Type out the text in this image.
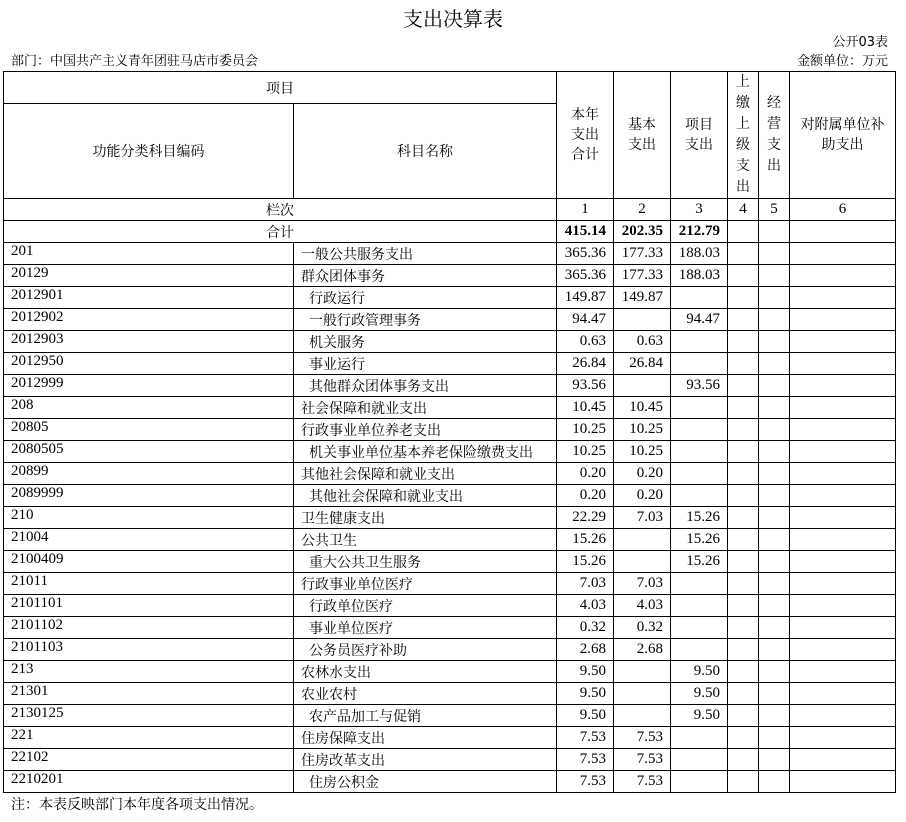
支出决算表
公开03表
部门：中国共产主义青年团驻马店市委员会	金额单位：万元
项目		本年支出合计	基本支出	项目支出	上缴上级支出	经营支出	对附属单位补助支出
功能分类科目编码	科目名称						
栏次		1	2	3	4	5	6
合计		415.14	202.35	212.79			
201	一般公共服务支出	365.36	177.33	188.03			
20129	群众团体事务	365.36	177.33	188.03			
2012901	行政运行	149.87	149.87				
2012902	一般行政管理事务	94.47		94.47			
2012903	机关服务	0.63	0.63				
2012950	事业运行	26.84	26.84				
2012999	其他群众团体事务支出	93.56		93.56			
208	社会保障和就业支出	10.45	10.45				
20805	行政事业单位养老支出	10.25	10.25				
2080505	机关事业单位基本养老保险缴费支出	10.25	10.25				
20899	其他社会保障和就业支出	0.20	0.20				
2089999	其他社会保障和就业支出	0.20	0.20				
210	卫生健康支出	22.29	7.03	15.26			
21004	公共卫生	15.26		15.26			
2100409	重大公共卫生服务	15.26		15.26			
21011	行政事业单位医疗	7.03	7.03				
2101101	行政单位医疗	4.03	4.03				
2101102	事业单位医疗	0.32	0.32				
2101103	公务员医疗补助	2.68	2.68				
213	农林水支出	9.50		9.50			
21301	农业农村	9.50		9.50			
2130125	农产品加工与促销	9.50		9.50			
221	住房保障支出	7.53	7.53				
22102	住房改革支出	7.53	7.53				
2210201	住房公积金	7.53	7.53				
注：本表反映部门本年度各项支出情况。
